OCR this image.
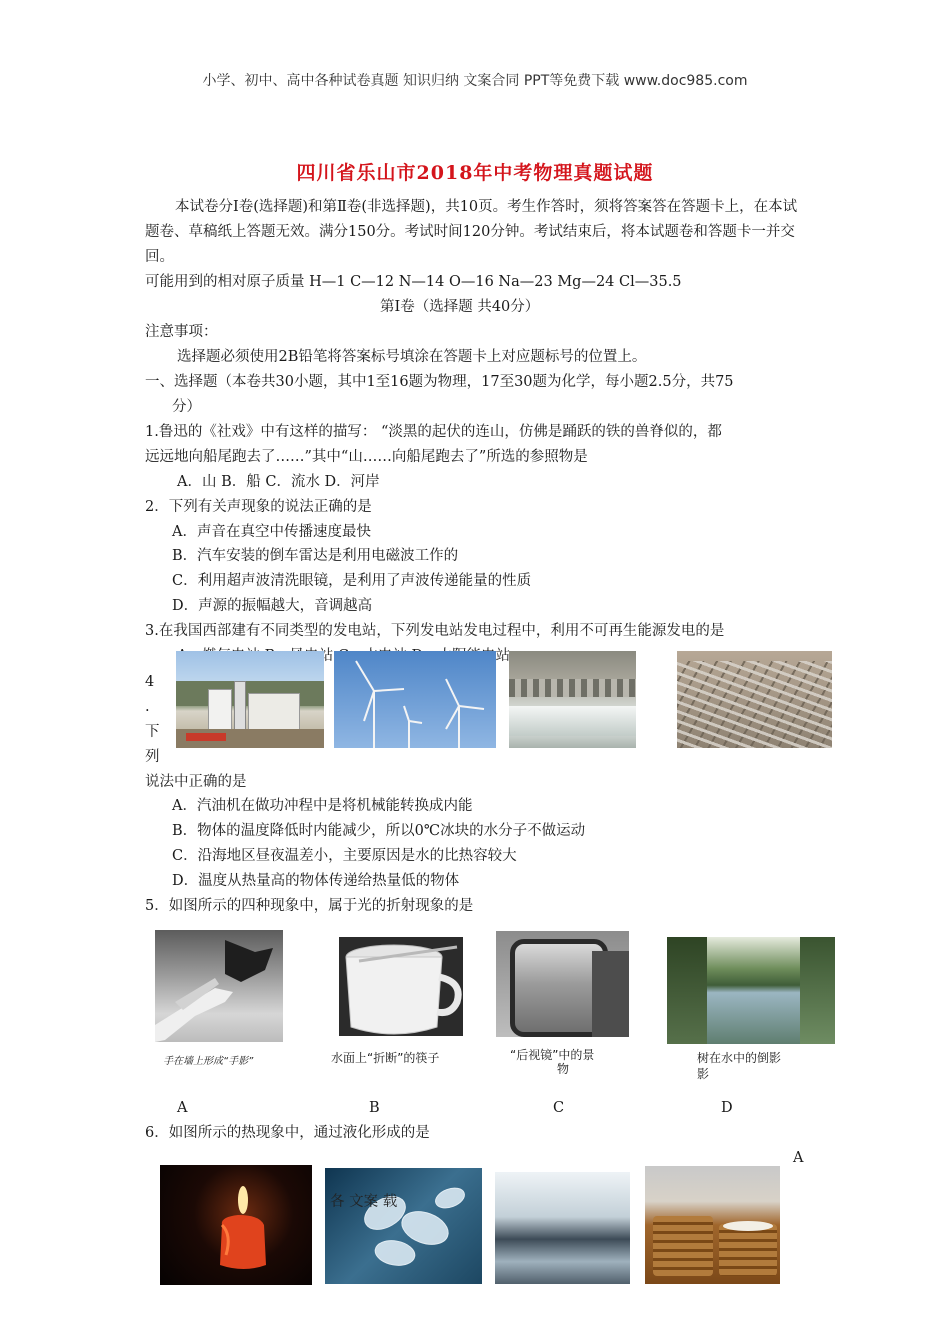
小学、初中、高中各种试卷真题 知识归纳 文案合同 PPT等免费下载 www.doc985.com
四川省乐山市2018年中考物理真题试题
本试卷分Ⅰ卷(选择题)和第Ⅱ卷(非选择题)，共10页。考生作答时，须将答案答在答题卡上，在本试题卷、草稿纸上答题无效。满分150分。考试时间120分钟。考试结束后，将本试题卷和答题卡一并交回。
可能用到的相对原子质量 H—1 C—12 N—14 O—16 Na—23 Mg—24 Cl—35.5
第Ⅰ卷（选择题 共40分）
注意事项：
选择题必须使用2B铅笔将答案标号填涂在答题卡上对应题标号的位置上。
一、选择题（本卷共30小题，其中1至16题为物理，17至30题为化学，每小题2.5分，共75
分）
1.鲁迅的《社戏》中有这样的描写： “淡黑的起伏的连山，仿佛是踊跃的铁的兽脊似的，都
远远地向船尾跑去了……”其中“山……向船尾跑去了”所选的参照物是
A．山 B．船 C．流水 D．河岸
2．下列有关声现象的说法正确的是
A．声音在真空中传播速度最快
B．汽车安装的倒车雷达是利用电磁波工作的
C．利用超声波清洗眼镜，是利用了声波传递能量的性质
D．声源的振幅越大，音调越高
3.在我国西部建有不同类型的发电站，下列发电站发电过程中，利用不可再生能源发电的是
4
.
下
列
说法中正确的是
A．汽油机在做功冲程中是将机械能转换成内能
B．物体的温度降低时内能减少，所以0℃冰块的水分子不做运动
C．沿海地区昼夜温差小，主要原因是水的比热容较大
D．温度从热量高的物体传递给热量低的物体
5．如图所示的四种现象中，属于光的折射现象的是
手在墙上形成“手影”	水面上“折断”的筷子	“后视镜”中的景
物
树在水中的倒影
影
A	B	C	D
6．如图所示的热现象中，通过液化形成的是
A
各 文案 载
